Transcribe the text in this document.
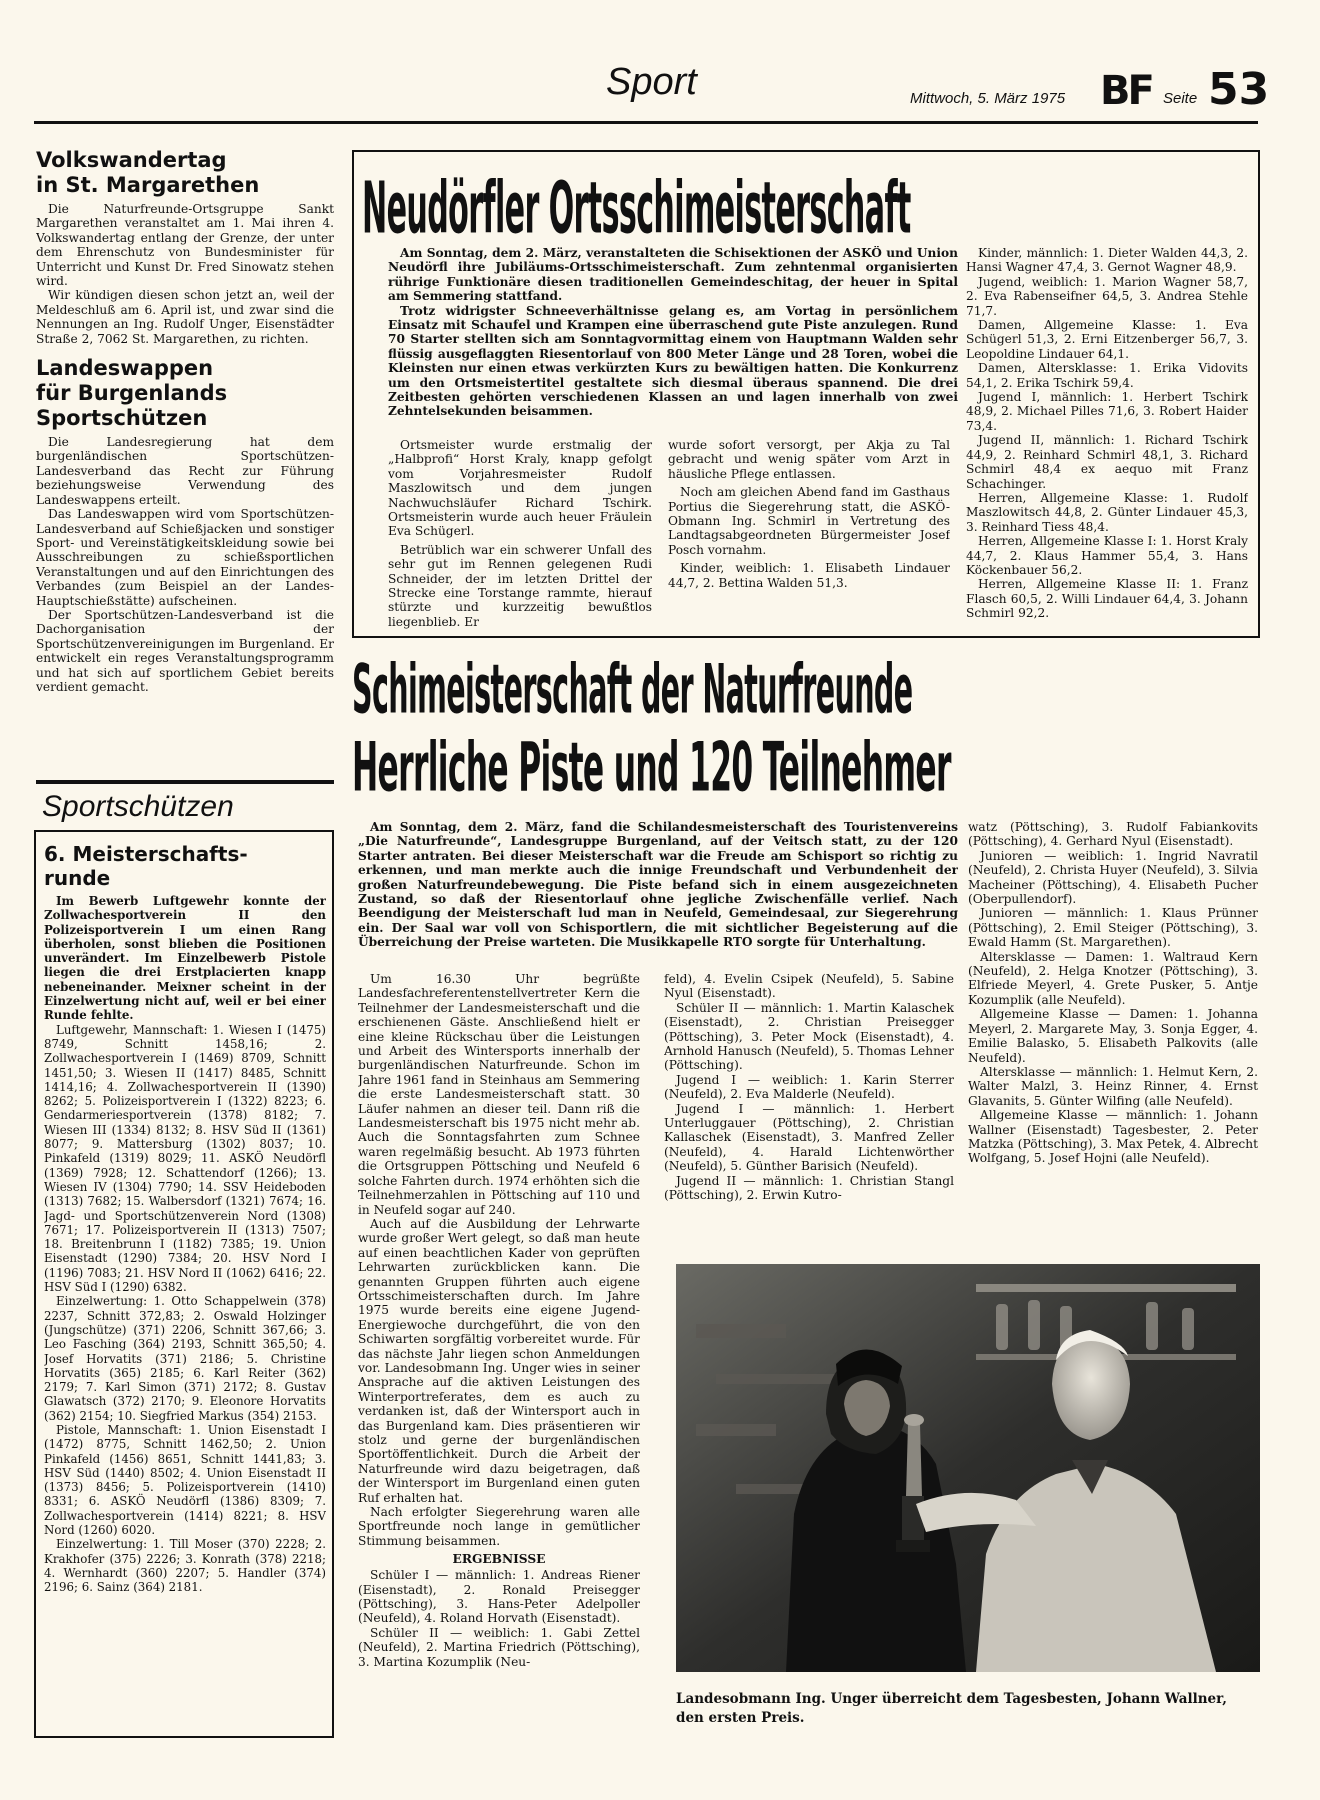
Sport	Mittwoch, 5. März 1975 BF Seite 53
Volkswandertag
in St. Margarethen

Die Naturfreunde-Ortsgruppe Sankt Margarethen veranstaltet am 1. Mai ihren 4. Volkswandertag entlang der Grenze, der unter dem Ehrenschutz von Bundesminister für Unterricht und Kunst Dr. Fred Sinowatz stehen wird.

Wir kündigen diesen schon jetzt an, weil der Meldeschluß am 6. April ist, und zwar sind die Nennungen an Ing. Rudolf Unger, Eisenstädter Straße 2, 7062 St. Margarethen, zu richten.

Landeswappen
für Burgenlands
Sportschützen

Die Landesregierung hat dem burgenländischen Sportschützen-Landesverband das Recht zur Führung beziehungsweise Verwendung des Landeswappens erteilt.

Das Landeswappen wird vom Sportschützen-Landesverband auf Schießjacken und sonstiger Sport- und Vereinstätigkeitskleidung sowie bei Ausschreibungen zu schießsportlichen Veranstaltungen und auf den Einrichtungen des Verbandes (zum Beispiel an der Landes-Hauptschießstätte) aufscheinen.

Der Sportschützen-Landesverband ist die Dachorganisation der Sportschützenvereinigungen im Burgenland. Er entwickelt ein reges Veranstaltungsprogramm und hat sich auf sportlichem Gebiet bereits verdient gemacht.

Sportschützen
6. Meisterschafts-
runde

Im Bewerb Luftgewehr konnte der Zollwachesportverein II den Polizeisportverein I um einen Rang überholen, sonst blieben die Positionen unverändert. Im Einzelbewerb Pistole liegen die drei Erstplacierten knapp nebeneinander. Meixner scheint in der Einzelwertung nicht auf, weil er bei einer Runde fehlte.

Luftgewehr, Mannschaft: 1. Wiesen I (1475) 8749, Schnitt 1458,16; 2. Zollwachesportverein I (1469) 8709, Schnitt 1451,50; 3. Wiesen II (1417) 8485, Schnitt 1414,16; 4. Zollwachesportverein II (1390) 8262; 5. Polizeisportverein I (1322) 8223; 6. Gendarmeriesportverein (1378) 8182; 7. Wiesen III (1334) 8132; 8. HSV Süd II (1361) 8077; 9. Mattersburg (1302) 8037; 10. Pinkafeld (1319) 8029; 11. ASKÖ Neudörfl (1369) 7928; 12. Schattendorf (1266); 13. Wiesen IV (1304) 7790; 14. SSV Heideboden (1313) 7682; 15. Walbersdorf (1321) 7674; 16. Jagd- und Sportschützenverein Nord (1308) 7671; 17. Polizeisportverein II (1313) 7507; 18. Breitenbrunn I (1182) 7385; 19. Union Eisenstadt (1290) 7384; 20. HSV Nord I (1196) 7083; 21. HSV Nord II (1062) 6416; 22. HSV Süd I (1290) 6382.

Einzelwertung: 1. Otto Schappelwein (378) 2237, Schnitt 372,83; 2. Oswald Holzinger (Jungschütze) (371) 2206, Schnitt 367,66; 3. Leo Fasching (364) 2193, Schnitt 365,50; 4. Josef Horvatits (371) 2186; 5. Christine Horvatits (365) 2185; 6. Karl Reiter (362) 2179; 7. Karl Simon (371) 2172; 8. Gustav Glawatsch (372) 2170; 9. Eleonore Horvatits (362) 2154; 10. Siegfried Markus (354) 2153.

Pistole, Mannschaft: 1. Union Eisenstadt I (1472) 8775, Schnitt 1462,50; 2. Union Pinkafeld (1456) 8651, Schnitt 1441,83; 3. HSV Süd (1440) 8502; 4. Union Eisenstadt II (1373) 8456; 5. Polizeisportverein (1410) 8331; 6. ASKÖ Neudörfl (1386) 8309; 7. Zollwachesportverein (1414) 8221; 8. HSV Nord (1260) 6020.

Einzelwertung: 1. Till Moser (370) 2228; 2. Krakhofer (375) 2226; 3. Konrath (378) 2218; 4. Wernhardt (360) 2207; 5. Handler (374) 2196; 6. Sainz (364) 2181.

Neudörfler Ortsschimeisterschaft

Am Sonntag, dem 2. März, veranstalteten die Schisektionen der ASKÖ und Union Neudörfl ihre Jubiläums-Ortsschimeisterschaft. Zum zehntenmal organisierten rührige Funktionäre diesen traditionellen Gemeindeschitag, der heuer in Spital am Semmering stattfand.

Trotz widrigster Schneeverhältnisse gelang es, am Vortag in persönlichem Einsatz mit Schaufel und Krampen eine überraschend gute Piste anzulegen. Rund 70 Starter stellten sich am Sonntagvormittag einem von Hauptmann Walden sehr flüssig ausgeflaggten Riesentorlauf von 800 Meter Länge und 28 Toren, wobei die Kleinsten nur einen etwas verkürzten Kurs zu bewältigen hatten. Die Konkurrenz um den Ortsmeistertitel gestaltete sich diesmal überaus spannend. Die drei Zeitbesten gehörten verschiedenen Klassen an und lagen innerhalb von zwei Zehntelsekunden beisammen.

Ortsmeister wurde erstmalig der „Halbprofi“ Horst Kraly, knapp gefolgt vom Vorjahresmeister Rudolf Maszlowitsch und dem jungen Nachwuchsläufer Richard Tschirk. Ortsmeisterin wurde auch heuer Fräulein Eva Schügerl.

Betrüblich war ein schwerer Unfall des sehr gut im Rennen gelegenen Rudi Schneider, der im letzten Drittel der Strecke eine Torstange rammte, hierauf stürzte und kurzzeitig bewußtlos liegenblieb. Er

wurde sofort versorgt, per Akja zu Tal gebracht und wenig später vom Arzt in häusliche Pflege entlassen.

Noch am gleichen Abend fand im Gasthaus Portius die Siegerehrung statt, die ASKÖ-Obmann Ing. Schmirl in Vertretung des Landtagsabgeordneten Bürgermeister Josef Posch vornahm.

Kinder, weiblich: 1. Elisabeth Lindauer 44,7, 2. Bettina Walden 51,3.

Kinder, männlich: 1. Dieter Walden 44,3, 2. Hansi Wagner 47,4, 3. Gernot Wagner 48,9.

Jugend, weiblich: 1. Marion Wagner 58,7, 2. Eva Rabenseifner 64,5, 3. Andrea Stehle 71,7.

Damen, Allgemeine Klasse: 1. Eva Schügerl 51,3, 2. Erni Eitzenberger 56,7, 3. Leopoldine Lindauer 64,1.

Damen, Altersklasse: 1. Erika Vidovits 54,1, 2. Erika Tschirk 59,4.

Jugend I, männlich: 1. Herbert Tschirk 48,9, 2. Michael Pilles 71,6, 3. Robert Haider 73,4.

Jugend II, männlich: 1. Richard Tschirk 44,9, 2. Reinhard Schmirl 48,1, 3. Richard Schmirl 48,4 ex aequo mit Franz Schachinger.

Herren, Allgemeine Klasse: 1. Rudolf Maszlowitsch 44,8, 2. Günter Lindauer 45,3, 3. Reinhard Tiess 48,4.

Herren, Allgemeine Klasse I: 1. Horst Kraly 44,7, 2. Klaus Hammer 55,4, 3. Hans Köckenbauer 56,2.

Herren, Allgemeine Klasse II: 1. Franz Flasch 60,5, 2. Willi Lindauer 64,4, 3. Johann Schmirl 92,2.

Schimeisterschaft der Naturfreunde
Herrliche Piste und 120 Teilnehmer

Am Sonntag, dem 2. März, fand die Schilandesmeisterschaft des Touristenvereins „Die Naturfreunde“, Landesgruppe Burgenland, auf der Veitsch statt, zu der 120 Starter antraten. Bei dieser Meisterschaft war die Freude am Schisport so richtig zu erkennen, und man merkte auch die innige Freundschaft und Verbundenheit der großen Naturfreundebewegung. Die Piste befand sich in einem ausgezeichneten Zustand, so daß der Riesentorlauf ohne jegliche Zwischenfälle verlief. Nach Beendigung der Meisterschaft lud man in Neufeld, Gemeindesaal, zur Siegerehrung ein. Der Saal war voll von Schisportlern, die mit sichtlicher Begeisterung auf die Überreichung der Preise warteten. Die Musikkapelle RTO sorgte für Unterhaltung.

Um 16.30 Uhr begrüßte Landesfachreferentenstellvertreter Kern die Teilnehmer der Landesmeisterschaft und die erschienenen Gäste. Anschließend hielt er eine kleine Rückschau über die Leistungen und Arbeit des Wintersports innerhalb der burgenländischen Naturfreunde. Schon im Jahre 1961 fand in Steinhaus am Semmering die erste Landesmeisterschaft statt. 30 Läufer nahmen an dieser teil. Dann riß die Landesmeisterschaft bis 1975 nicht mehr ab. Auch die Sonntagsfahrten zum Schnee waren regelmäßig besucht. Ab 1973 führten die Ortsgruppen Pöttsching und Neufeld 6 solche Fahrten durch. 1974 erhöhten sich die Teilnehmerzahlen in Pöttsching auf 110 und in Neufeld sogar auf 240.

Auch auf die Ausbildung der Lehrwarte wurde großer Wert gelegt, so daß man heute auf einen beachtlichen Kader von geprüften Lehrwarten zurückblicken kann. Die genannten Gruppen führten auch eigene Ortsschimeisterschaften durch. Im Jahre 1975 wurde bereits eine eigene Jugend-Energiewoche durchgeführt, die von den Schiwarten sorgfältig vorbereitet wurde. Für das nächste Jahr liegen schon Anmeldungen vor. Landesobmann Ing. Unger wies in seiner Ansprache auf die aktiven Leistungen des Winterportreferates, dem es auch zu verdanken ist, daß der Wintersport auch in das Burgenland kam. Dies präsentieren wir stolz und gerne der burgenländischen Sportöffentlichkeit. Durch die Arbeit der Naturfreunde wird dazu beigetragen, daß der Wintersport im Burgenland einen guten Ruf erhalten hat.

Nach erfolgter Siegerehrung waren alle Sportfreunde noch lange in gemütlicher Stimmung beisammen.

ERGEBNISSE

Schüler I — männlich: 1. Andreas Riener (Eisenstadt), 2. Ronald Preisegger (Pöttsching), 3. Hans-Peter Adelpoller (Neufeld), 4. Roland Horvath (Eisenstadt).

Schüler II — weiblich: 1. Gabi Zettel (Neufeld), 2. Martina Friedrich (Pöttsching), 3. Martina Kozumplik (Neu-

feld), 4. Evelin Csipek (Neufeld), 5. Sabine Nyul (Eisenstadt).

Schüler II — männlich: 1. Martin Kalaschek (Eisenstadt), 2. Christian Preisegger (Pöttsching), 3. Peter Mock (Eisenstadt), 4. Arnhold Hanusch (Neufeld), 5. Thomas Lehner (Pöttsching).

Jugend I — weiblich: 1. Karin Sterrer (Neufeld), 2. Eva Malderle (Neufeld).

Jugend I — männlich: 1. Herbert Unterluggauer (Pöttsching), 2. Christian Kallaschek (Eisenstadt), 3. Manfred Zeller (Neufeld), 4. Harald Lichtenwörther (Neufeld), 5. Günther Barisich (Neufeld).

Jugend II — männlich: 1. Christian Stangl (Pöttsching), 2. Erwin Kutro-

watz (Pöttsching), 3. Rudolf Fabiankovits (Pöttsching), 4. Gerhard Nyul (Eisenstadt).

Junioren — weiblich: 1. Ingrid Navratil (Neufeld), 2. Christa Huyer (Neufeld), 3. Silvia Macheiner (Pöttsching), 4. Elisabeth Pucher (Oberpullendorf).

Junioren — männlich: 1. Klaus Prünner (Pöttsching), 2. Emil Steiger (Pöttsching), 3. Ewald Hamm (St. Margarethen).

Altersklasse — Damen: 1. Waltraud Kern (Neufeld), 2. Helga Knotzer (Pöttsching), 3. Elfriede Meyerl, 4. Grete Pusker, 5. Antje Kozumplik (alle Neufeld).

Allgemeine Klasse — Damen: 1. Johanna Meyerl, 2. Margarete May, 3. Sonja Egger, 4. Emilie Balasko, 5. Elisabeth Palkovits (alle Neufeld).

Altersklasse — männlich: 1. Helmut Kern, 2. Walter Malzl, 3. Heinz Rinner, 4. Ernst Glavanits, 5. Günter Wilfing (alle Neufeld).

Allgemeine Klasse — männlich: 1. Johann Wallner (Eisenstadt) Tagesbester, 2. Peter Matzka (Pöttsching), 3. Max Petek, 4. Albrecht Wolfgang, 5. Josef Hojni (alle Neufeld).

Landesobmann Ing. Unger überreicht dem Tagesbesten, Johann Wallner, den ersten Preis.
